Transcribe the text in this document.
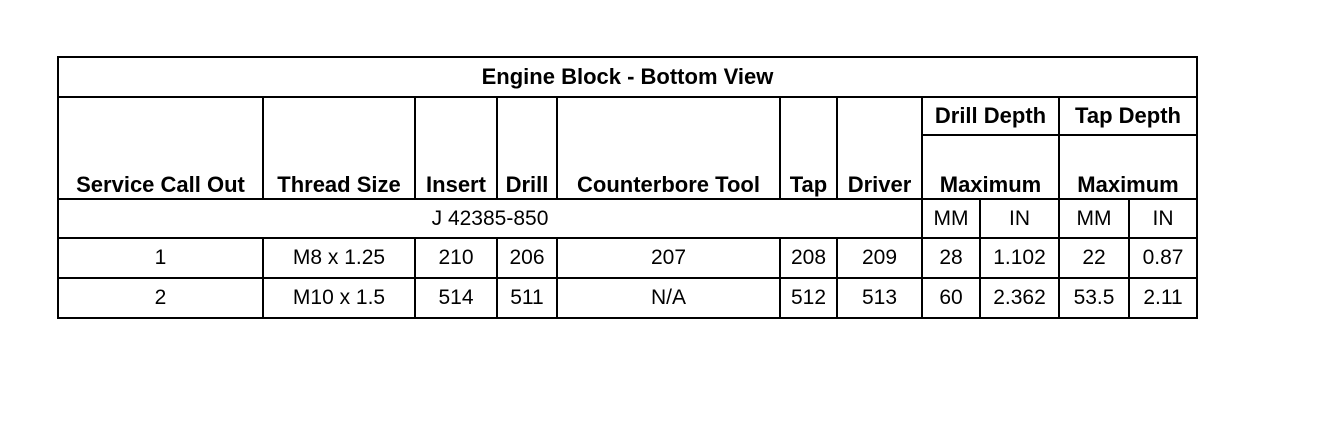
Engine Block - Bottom View										
Service Call Out	Thread Size	Insert	Drill	Counterbore Tool	Tap	Driver	Drill Depth		Tap Depth	
							Maximum		Maximum	
J 42385-850							MM	IN	MM	IN
1	M8 x 1.25	210	206	207	208	209	28	1.102	22	0.87
2	M10 x 1.5	514	511	N/A	512	513	60	2.362	53.5	2.11
